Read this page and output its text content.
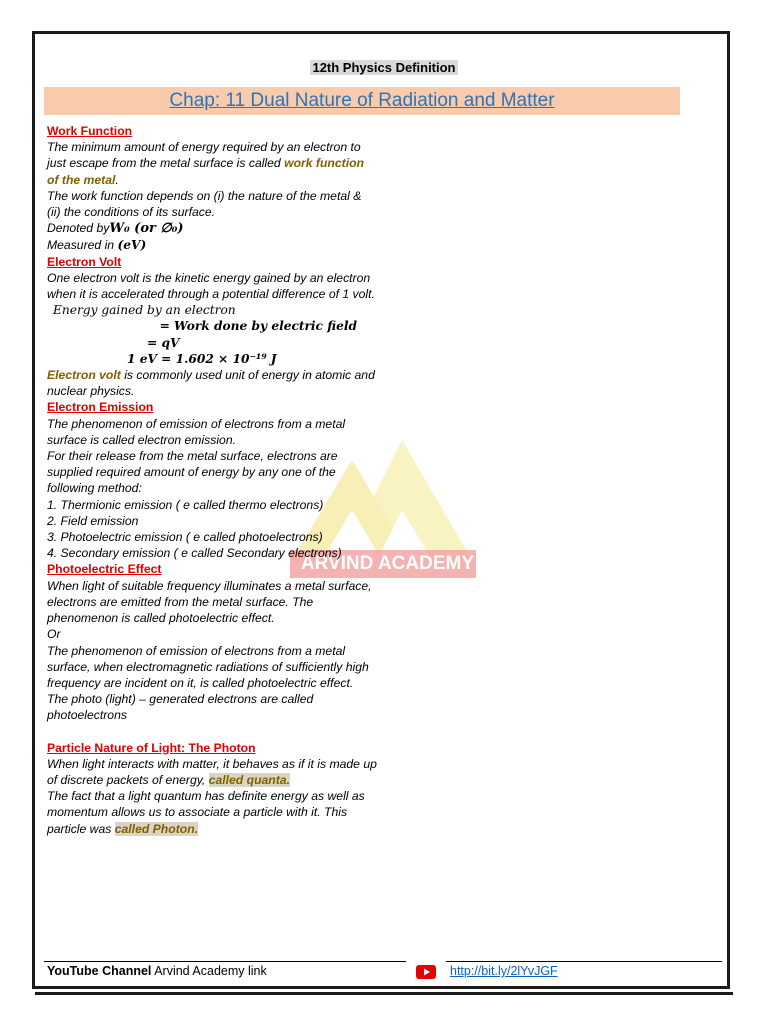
12th Physics Definition
Chap: 11 Dual Nature of Radiation and Matter
ARVIND ACADEMY
Work Function
The minimum amount of energy required by an electron to just escape from the metal surface is called work function of the metal.
The work function depends on (i) the nature of the metal & (ii) the conditions of its surface.
Denoted byW₀ (or ∅₀)
Measured in (eV)
Electron Volt
One electron volt is the kinetic energy gained by an electron when it is accelerated through a potential difference of 1 volt.
Energy gained by an electron
= Work done by electric field
= qV
1 eV = 1.602 × 10⁻¹⁹ J
Electron volt is commonly used unit of energy in atomic and nuclear physics.
Electron Emission
The phenomenon of emission of electrons from a metal surface is called electron emission.
For their release from the metal surface, electrons are supplied required amount of energy by any one of the following method:
1. Thermionic emission ( e called thermo electrons)
2. Field emission
3. Photoelectric emission ( e called photoelectrons)
4. Secondary emission ( e called Secondary electrons)
Photoelectric Effect
When light of suitable frequency illuminates a metal surface, electrons are emitted from the metal surface. The phenomenon is called photoelectric effect.
Or
The phenomenon of emission of electrons from a metal surface, when electromagnetic radiations of sufficiently high frequency are incident on it, is called photoelectric effect.
The photo (light) – generated electrons are called photoelectrons
Particle Nature of Light: The Photon
When light interacts with matter, it behaves as if it is made up of discrete packets of energy, called quanta.
The fact that a light quantum has definite energy as well as momentum allows us to associate a particle with it. This particle was called Photon.
YouTube Channel Arvind Academy link	http://bit.ly/2lYvJGF
